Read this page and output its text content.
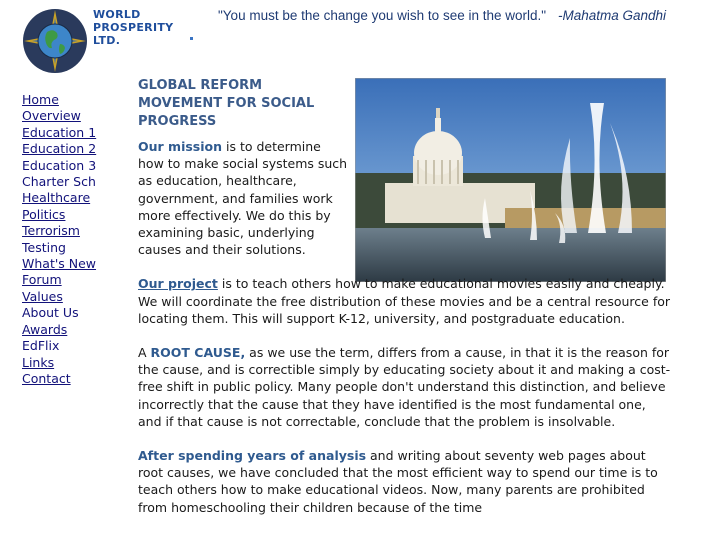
WORLD
PROSPERITY
LTD.
"You must be the change you wish to see in the world." -Mahatma Gandhi
Home
Overview
Education 1
Education 2
Education 3
Charter Sch
Healthcare
Politics
Terrorism
Testing
What's New
Forum
Values
About Us
Awards
EdFlix
Links
Contact
GLOBAL REFORM MOVEMENT FOR SOCIAL PROGRESS

Our mission is to determine how to make social systems such as education, healthcare, government, and families work more effectively. We do this by examining basic, underlying causes and their solutions.

Our project is to teach others how to make educational movies easily and cheaply. We will coordinate the free distribution of these movies and be a central resource for locating them. This will support K-12, university, and postgraduate education.

A ROOT CAUSE, as we use the term, differs from a cause, in that it is the reason for the cause, and is correctible simply by educating society about it and making a cost-free shift in public policy. Many people don't understand this distinction, and believe incorrectly that the cause that they have identified is the most fundamental one, and if that cause is not correctable, conclude that the problem is insolvable.

After spending years of analysis and writing about seventy web pages about root causes, we have concluded that the most efficient way to spend our time is to teach others how to make educational videos. Now, many parents are prohibited from homeschooling their children because of the time
